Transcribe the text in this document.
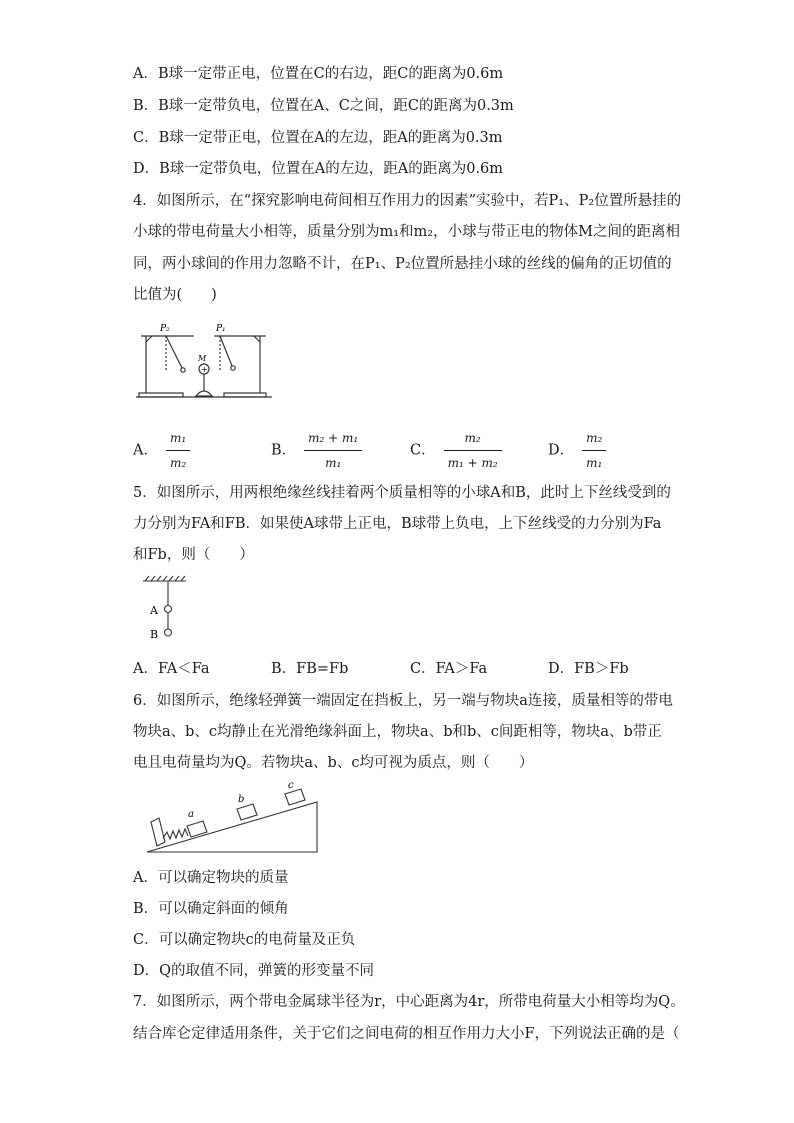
A．B球一定带正电，位置在C的右边，距C的距离为0.6m
B．B球一定带负电，位置在A、C之间，距C的距离为0.3m
C．B球一定带正电，位置在A的左边，距A的距离为0.3m
D．B球一定带负电，位置在A的左边，距A的距离为0.6m
4．如图所示，在“探究影响电荷间相互作用力的因素”实验中，若P₁、P₂位置所悬挂的
小球的带电荷量大小相等，质量分别为m₁和m₂，小球与带正电的物体M之间的距离相
同，两小球间的作用力忽略不计，在P₁、P₂位置所悬挂小球的丝线的偏角的正切值的
比值为(　　)
P₂	P₁
M
+
A． $\frac{\text{m₁}}{\text{m₂}}$	B． $\frac{\text{m₂ + m₁}}{\text{m₁}}$	C． $\frac{\text{m₂}}{\text{m₁ + m₂}}$	D． $\frac{\text{m₂}}{\text{m₁}}$
5．如图所示，用两根绝缘丝线挂着两个质量相等的小球A和B，此时上下丝线受到的
力分别为FA和FB．如果使A球带上正电，B球带上负电，上下丝线受的力分别为Fa
和Fb，则（　　）
A
B
A．FA＜Fa	B．FB=Fb	C．FA＞Fa	D．FB＞Fb
6．如图所示，绝缘轻弹簧一端固定在挡板上，另一端与物块a连接，质量相等的带电
物块a、b、c均静止在光滑绝缘斜面上，物块a、b和b、c间距相等，物块a、b带正
电且电荷量均为Q。若物块a、b、c均可视为质点，则（　　）
a
b
c
A．可以确定物块的质量
B．可以确定斜面的倾角
C．可以确定物块c的电荷量及正负
D．Q的取值不同，弹簧的形变量不同
7．如图所示，两个带电金属球半径为r，中心距离为4r，所带电荷量大小相等均为Q。
结合库仑定律适用条件，关于它们之间电荷的相互作用力大小F，下列说法正确的是（
